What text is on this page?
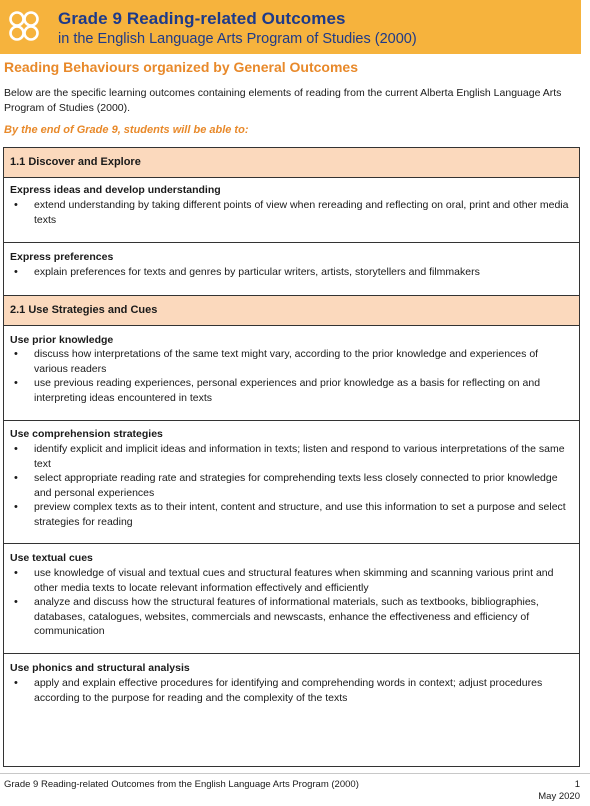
Grade 9 Reading-related Outcomes
in the English Language Arts Program of Studies (2000)
Reading Behaviours organized by General Outcomes
Below are the specific learning outcomes containing elements of reading from the current Alberta English Language Arts Program of Studies (2000).
By the end of Grade 9, students will be able to:
1.1 Discover and Explore
Express ideas and develop understanding
• extend understanding by taking different points of view when rereading and reflecting on oral, print and other media texts
Express preferences
• explain preferences for texts and genres by particular writers, artists, storytellers and filmmakers
2.1 Use Strategies and Cues
Use prior knowledge
• discuss how interpretations of the same text might vary, according to the prior knowledge and experiences of various readers
• use previous reading experiences, personal experiences and prior knowledge as a basis for reflecting on and interpreting ideas encountered in texts
Use comprehension strategies
• identify explicit and implicit ideas and information in texts; listen and respond to various interpretations of the same text
• select appropriate reading rate and strategies for comprehending texts less closely connected to prior knowledge and personal experiences
• preview complex texts as to their intent, content and structure, and use this information to set a purpose and select strategies for reading
Use textual cues
• use knowledge of visual and textual cues and structural features when skimming and scanning various print and other media texts to locate relevant information effectively and efficiently
• analyze and discuss how the structural features of informational materials, such as textbooks, bibliographies, databases, catalogues, websites, commercials and newscasts, enhance the effectiveness and efficiency of communication
Use phonics and structural analysis
• apply and explain effective procedures for identifying and comprehending words in context; adjust procedures according to the purpose for reading and the complexity of the texts
Grade 9 Reading-related Outcomes from the English Language Arts Program (2000)	1
May 2020
